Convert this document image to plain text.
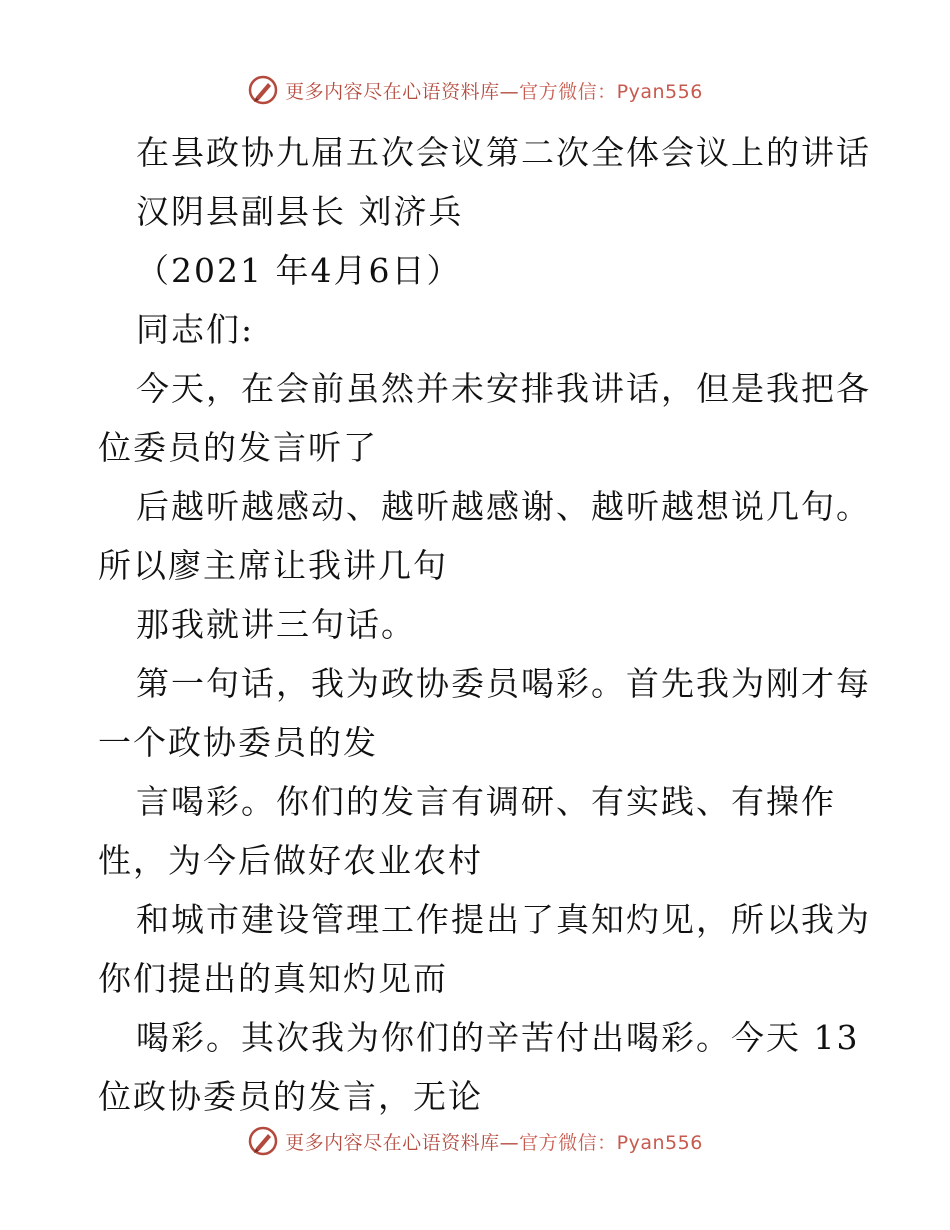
更多内容尽在心语资料库—官方微信：Pyan556
在县政协九届五次会议第二次全体会议上的讲话
汉阴县副县长 刘济兵
（2021 年4月6日）
同志们:
今天，在会前虽然并未安排我讲话，但是我把各
位委员的发言听了
后越听越感动、越听越感谢、越听越想说几句。
所以廖主席让我讲几句
那我就讲三句话。
第一句话，我为政协委员喝彩。首先我为刚才每
一个政协委员的发
言喝彩。你们的发言有调研、有实践、有操作
性，为今后做好农业农村
和城市建设管理工作提出了真知灼见，所以我为
你们提出的真知灼见而
喝彩。其次我为你们的辛苦付出喝彩。今天 13
位政协委员的发言，无论
更多内容尽在心语资料库—官方微信：Pyan556
